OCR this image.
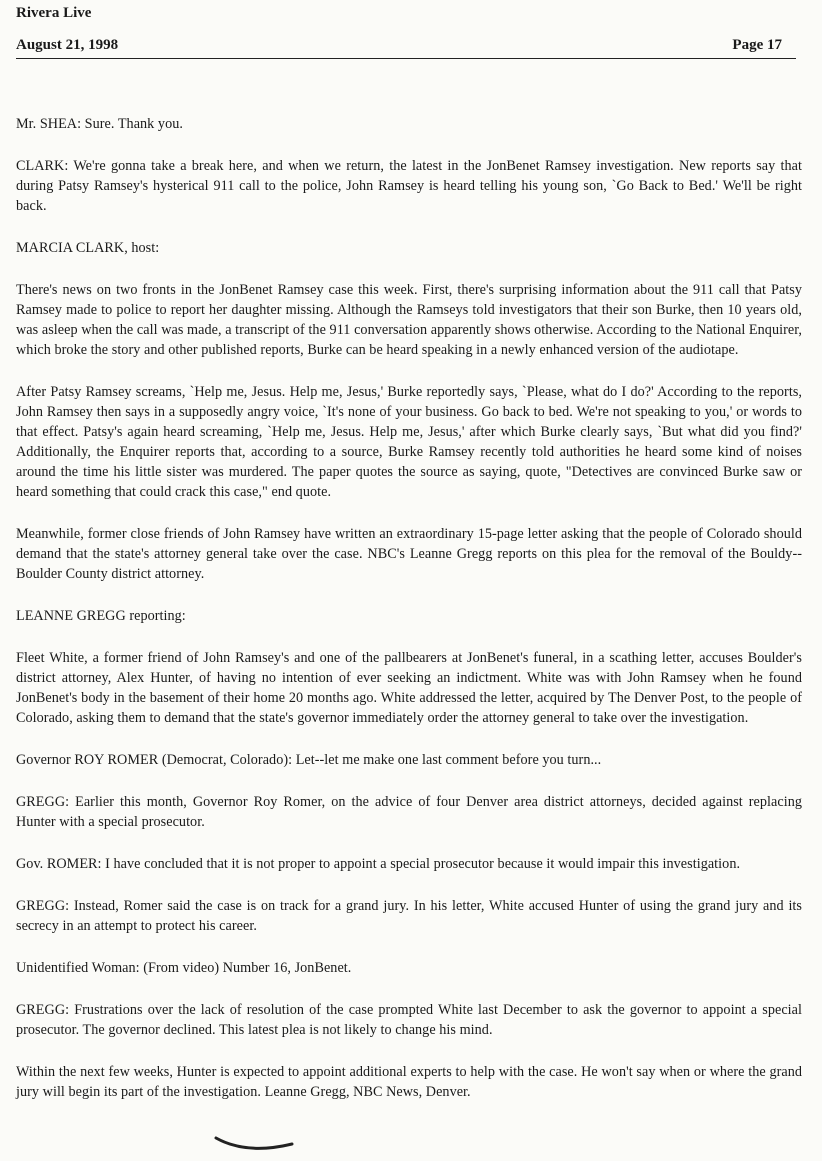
Rivera Live
August 21, 1998	Page 17

Mr. SHEA: Sure. Thank you.

CLARK: We're gonna take a break here, and when we return, the latest in the JonBenet Ramsey investigation. New reports say that during Patsy Ramsey's hysterical 911 call to the police, John Ramsey is heard telling his young son, `Go Back to Bed.' We'll be right back.

MARCIA CLARK, host:

There's news on two fronts in the JonBenet Ramsey case this week. First, there's surprising information about the 911 call that Patsy Ramsey made to police to report her daughter missing. Although the Ramseys told investigators that their son Burke, then 10 years old, was asleep when the call was made, a transcript of the 911 conversation apparently shows otherwise. According to the National Enquirer, which broke the story and other published reports, Burke can be heard speaking in a newly enhanced version of the audiotape.

After Patsy Ramsey screams, `Help me, Jesus. Help me, Jesus,' Burke reportedly says, `Please, what do I do?' According to the reports, John Ramsey then says in a supposedly angry voice, `It's none of your business. Go back to bed. We're not speaking to you,' or words to that effect. Patsy's again heard screaming, `Help me, Jesus. Help me, Jesus,' after which Burke clearly says, `But what did you find?' Additionally, the Enquirer reports that, according to a source, Burke Ramsey recently told authorities he heard some kind of noises around the time his little sister was murdered. The paper quotes the source as saying, quote, "Detectives are convinced Burke saw or heard something that could crack this case," end quote.

Meanwhile, former close friends of John Ramsey have written an extraordinary 15-page letter asking that the people of Colorado should demand that the state's attorney general take over the case. NBC's Leanne Gregg reports on this plea for the removal of the Bouldy--Boulder County district attorney.

LEANNE GREGG reporting:

Fleet White, a former friend of John Ramsey's and one of the pallbearers at JonBenet's funeral, in a scathing letter, accuses Boulder's district attorney, Alex Hunter, of having no intention of ever seeking an indictment. White was with John Ramsey when he found JonBenet's body in the basement of their home 20 months ago. White addressed the letter, acquired by The Denver Post, to the people of Colorado, asking them to demand that the state's governor immediately order the attorney general to take over the investigation.

Governor ROY ROMER (Democrat, Colorado): Let--let me make one last comment before you turn...

GREGG: Earlier this month, Governor Roy Romer, on the advice of four Denver area district attorneys, decided against replacing Hunter with a special prosecutor.

Gov. ROMER: I have concluded that it is not proper to appoint a special prosecutor because it would impair this investigation.

GREGG: Instead, Romer said the case is on track for a grand jury. In his letter, White accused Hunter of using the grand jury and its secrecy in an attempt to protect his career.

Unidentified Woman: (From video) Number 16, JonBenet.

GREGG: Frustrations over the lack of resolution of the case prompted White last December to ask the governor to appoint a special prosecutor. The governor declined. This latest plea is not likely to change his mind.

Within the next few weeks, Hunter is expected to appoint additional experts to help with the case. He won't say when or where the grand jury will begin its part of the investigation. Leanne Gregg, NBC News, Denver.
